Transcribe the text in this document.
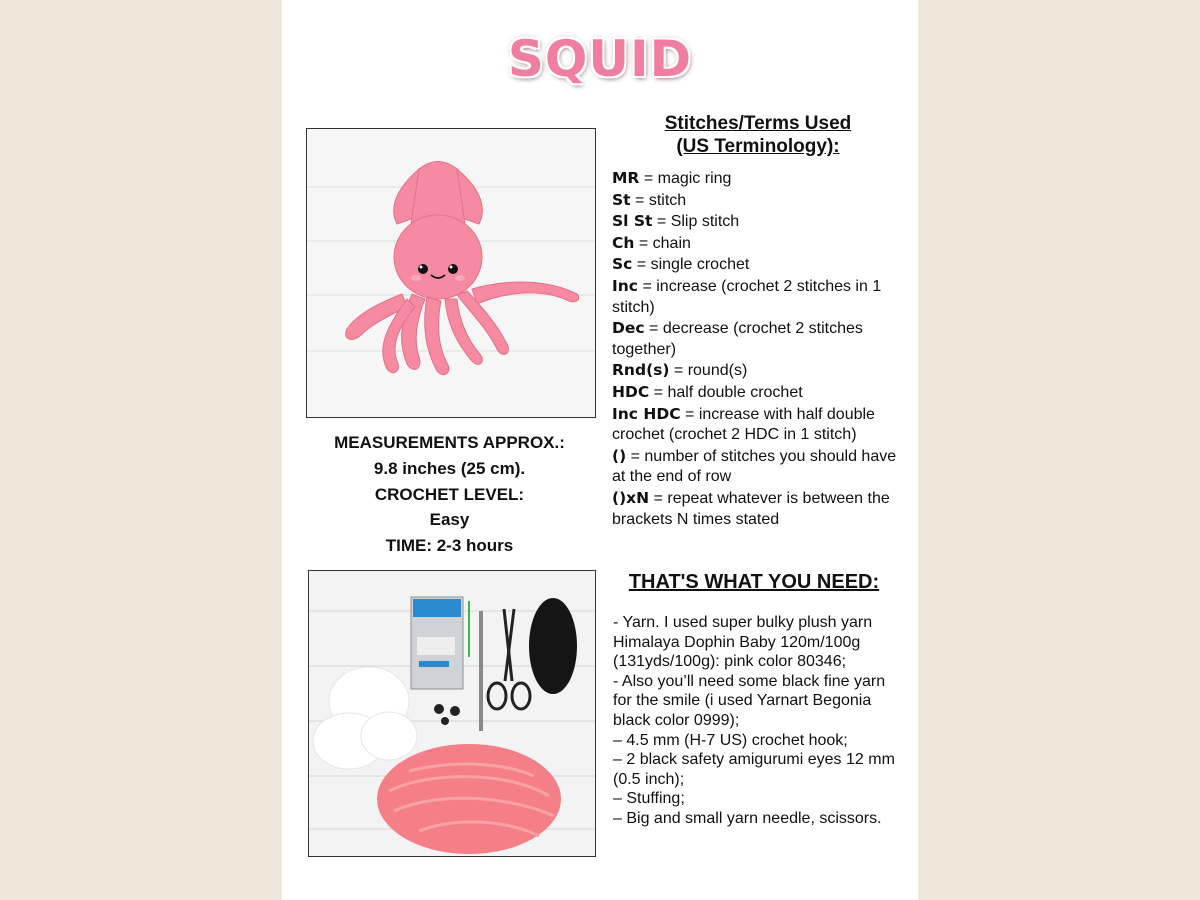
SQUID
MEASUREMENTS APPROX.:
9.8 inches (25 cm).
CROCHET LEVEL:
Easy
TIME: 2-3 hours
Stitches/Terms Used
(US Terminology):
MR = magic ring
St = stitch
Sl St = Slip stitch
Ch = chain
Sc = single crochet
Inc = increase (crochet 2 stitches in 1 stitch)
Dec = decrease (crochet 2 stitches together)
Rnd(s) = round(s)
HDC = half double crochet
Inc HDC = increase with half double crochet (crochet 2 HDC in 1 stitch)
() = number of stitches you should have at the end of row
()xN = repeat whatever is between the brackets N times stated
THAT'S WHAT YOU NEED:
- Yarn. I used super bulky plush yarn Himalaya Dophin Baby 120m/100g (131yds/100g): pink color 80346;
- Also you’ll need some black fine yarn for the smile (i used Yarnart Begonia black color 0999);
– 4.5 mm (H-7 US) crochet hook;
– 2 black safety amigurumi eyes 12 mm (0.5 inch);
– Stuffing;
– Big and small yarn needle, scissors.
